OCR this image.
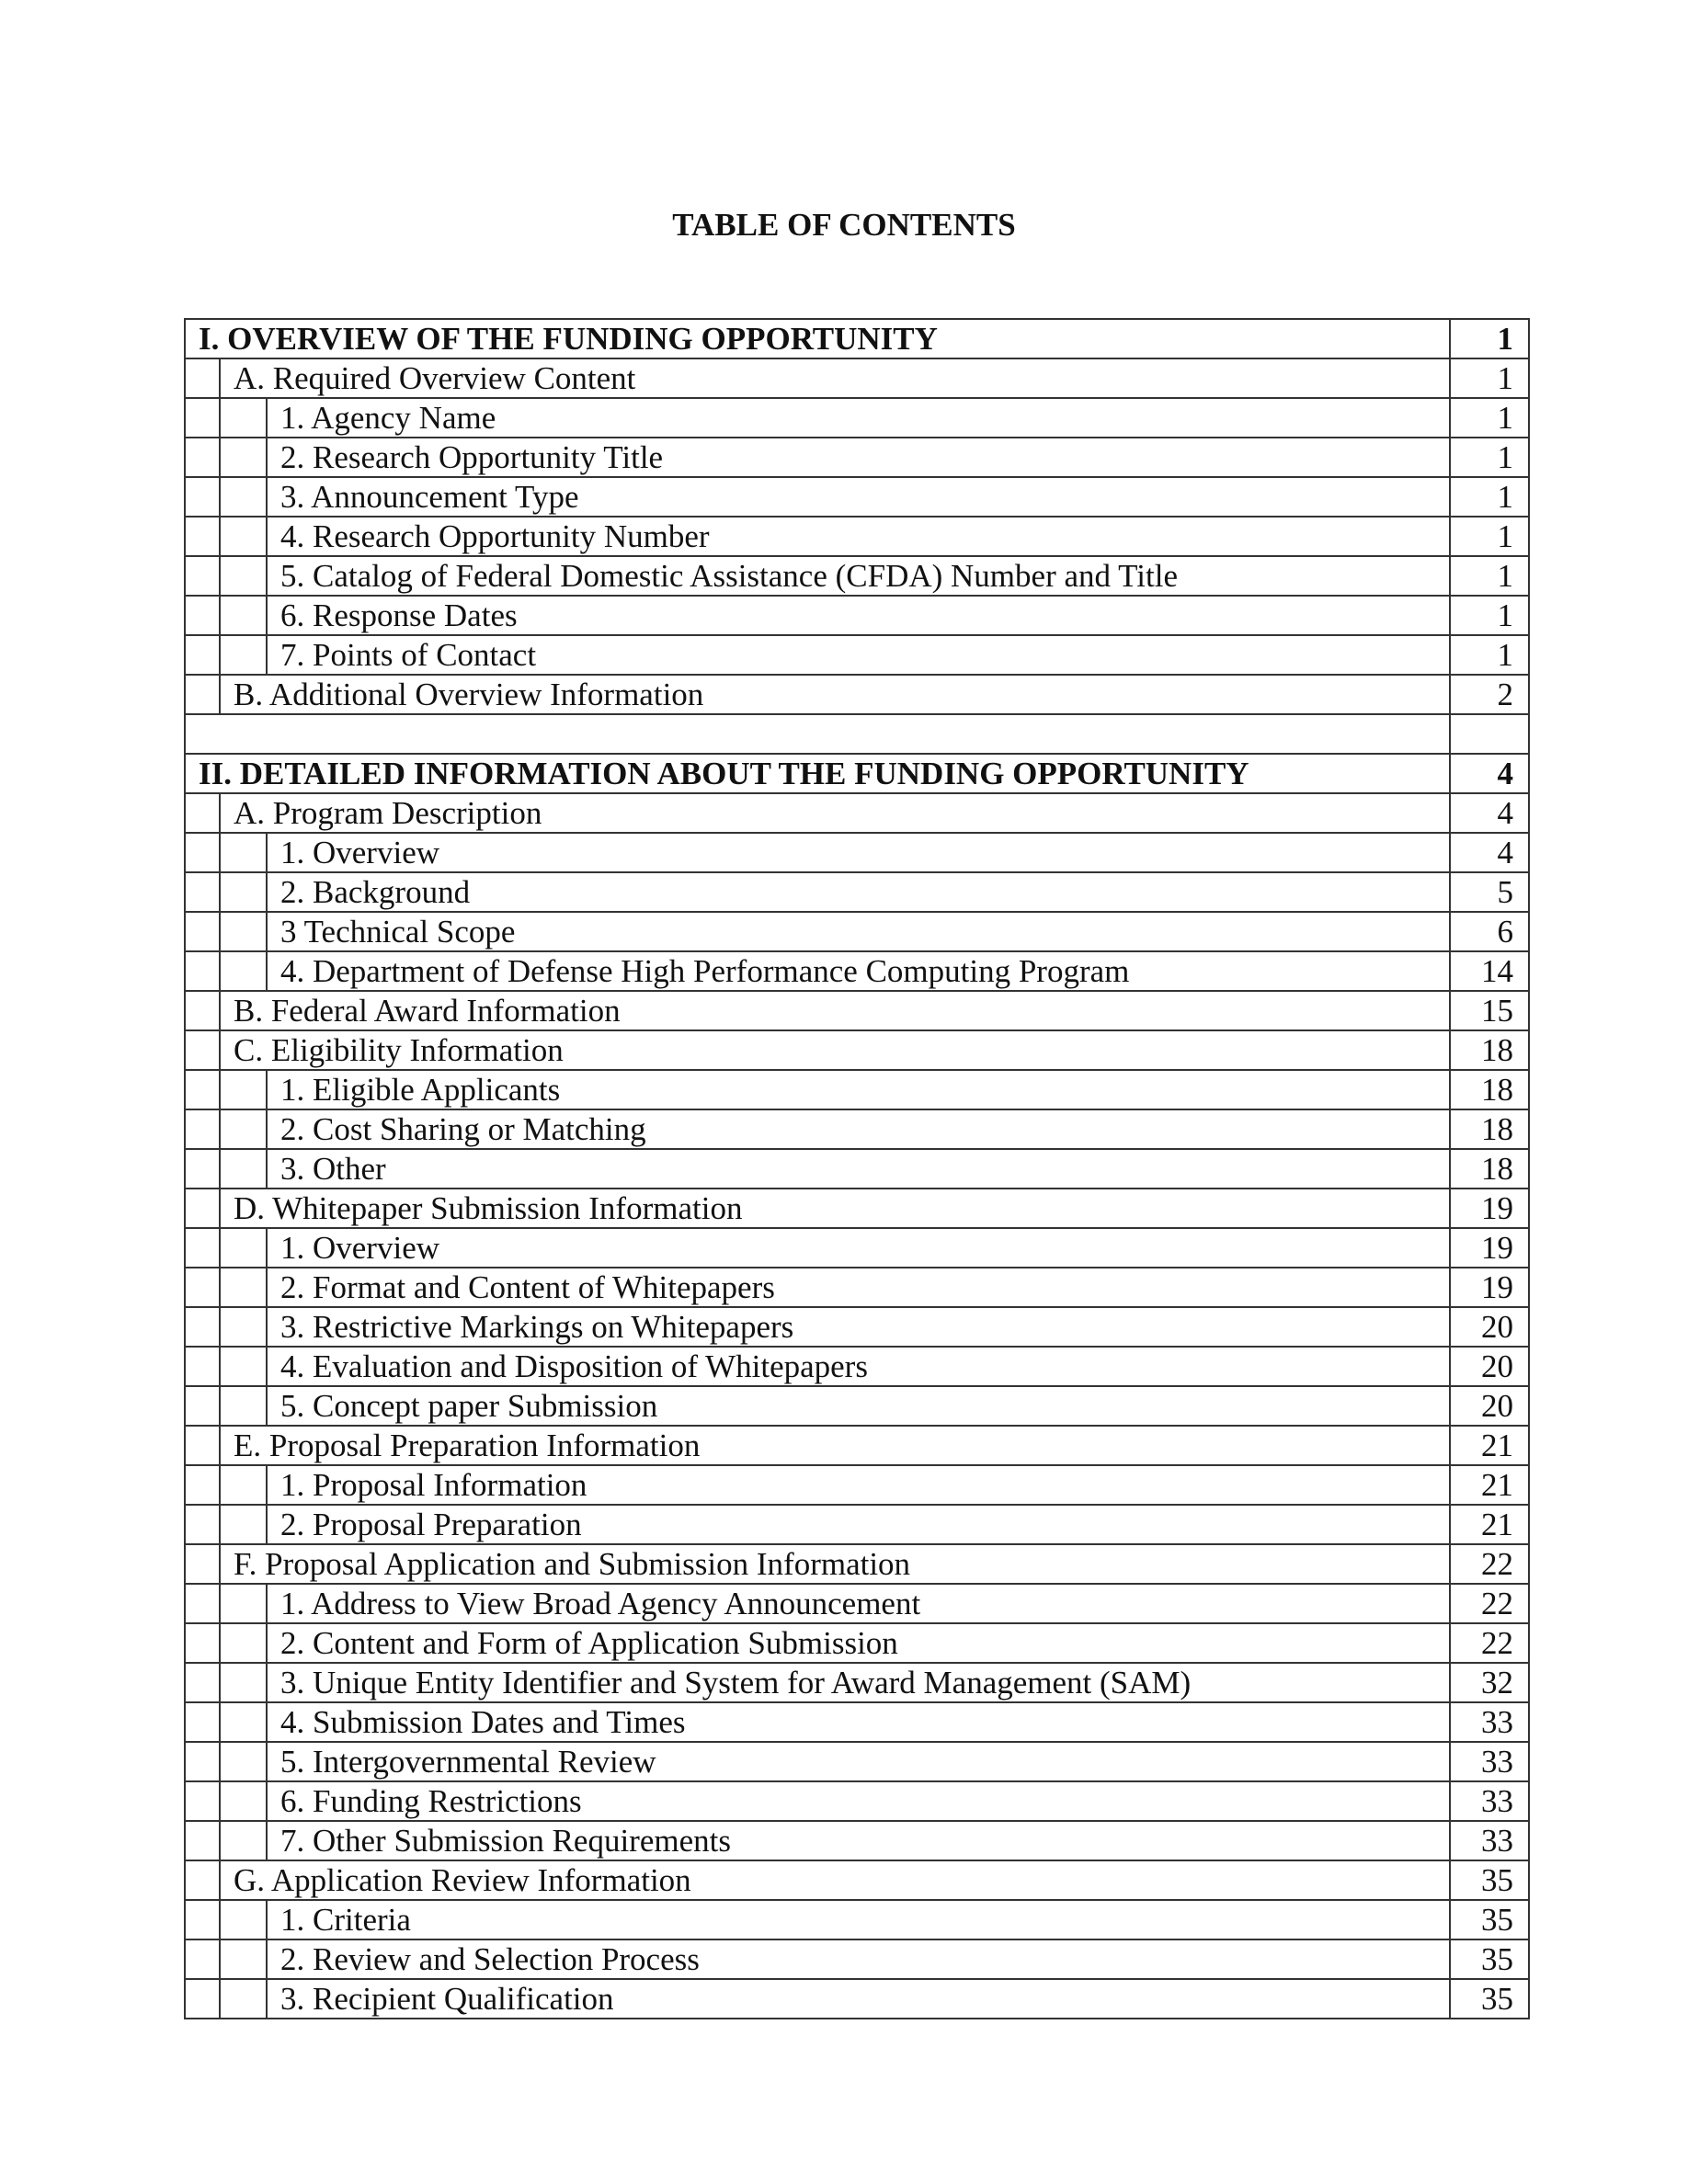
TABLE OF CONTENTS
I. OVERVIEW OF THE FUNDING OPPORTUNITY			1
	A. Required Overview Content		1
		1. Agency Name	1
		2. Research Opportunity Title	1
		3. Announcement Type	1
		4. Research Opportunity Number	1
		5. Catalog of Federal Domestic Assistance (CFDA) Number and Title	1
		6. Response Dates	1
		7. Points of Contact	1
	B. Additional Overview Information		2

II. DETAILED INFORMATION ABOUT THE FUNDING OPPORTUNITY			4
	A. Program Description		4
		1. Overview	4
		2. Background	5
		3 Technical Scope	6
		4. Department of Defense High Performance Computing Program	14
	B. Federal Award Information		15
	C. Eligibility Information		18
		1. Eligible Applicants	18
		2. Cost Sharing or Matching	18
		3. Other	18
	D. Whitepaper Submission Information		19
		1. Overview	19
		2. Format and Content of Whitepapers	19
		3. Restrictive Markings on Whitepapers	20
		4. Evaluation and Disposition of Whitepapers	20
		5. Concept paper Submission	20
	E. Proposal Preparation Information		21
		1. Proposal Information	21
		2. Proposal Preparation	21
	F. Proposal Application and Submission Information		22
		1. Address to View Broad Agency Announcement	22
		2. Content and Form of Application Submission	22
		3. Unique Entity Identifier and System for Award Management (SAM)	32
		4. Submission Dates and Times	33
		5. Intergovernmental Review	33
		6. Funding Restrictions	33
		7. Other Submission Requirements	33
	G. Application Review Information		35
		1. Criteria	35
		2. Review and Selection Process	35
		3. Recipient Qualification	35
